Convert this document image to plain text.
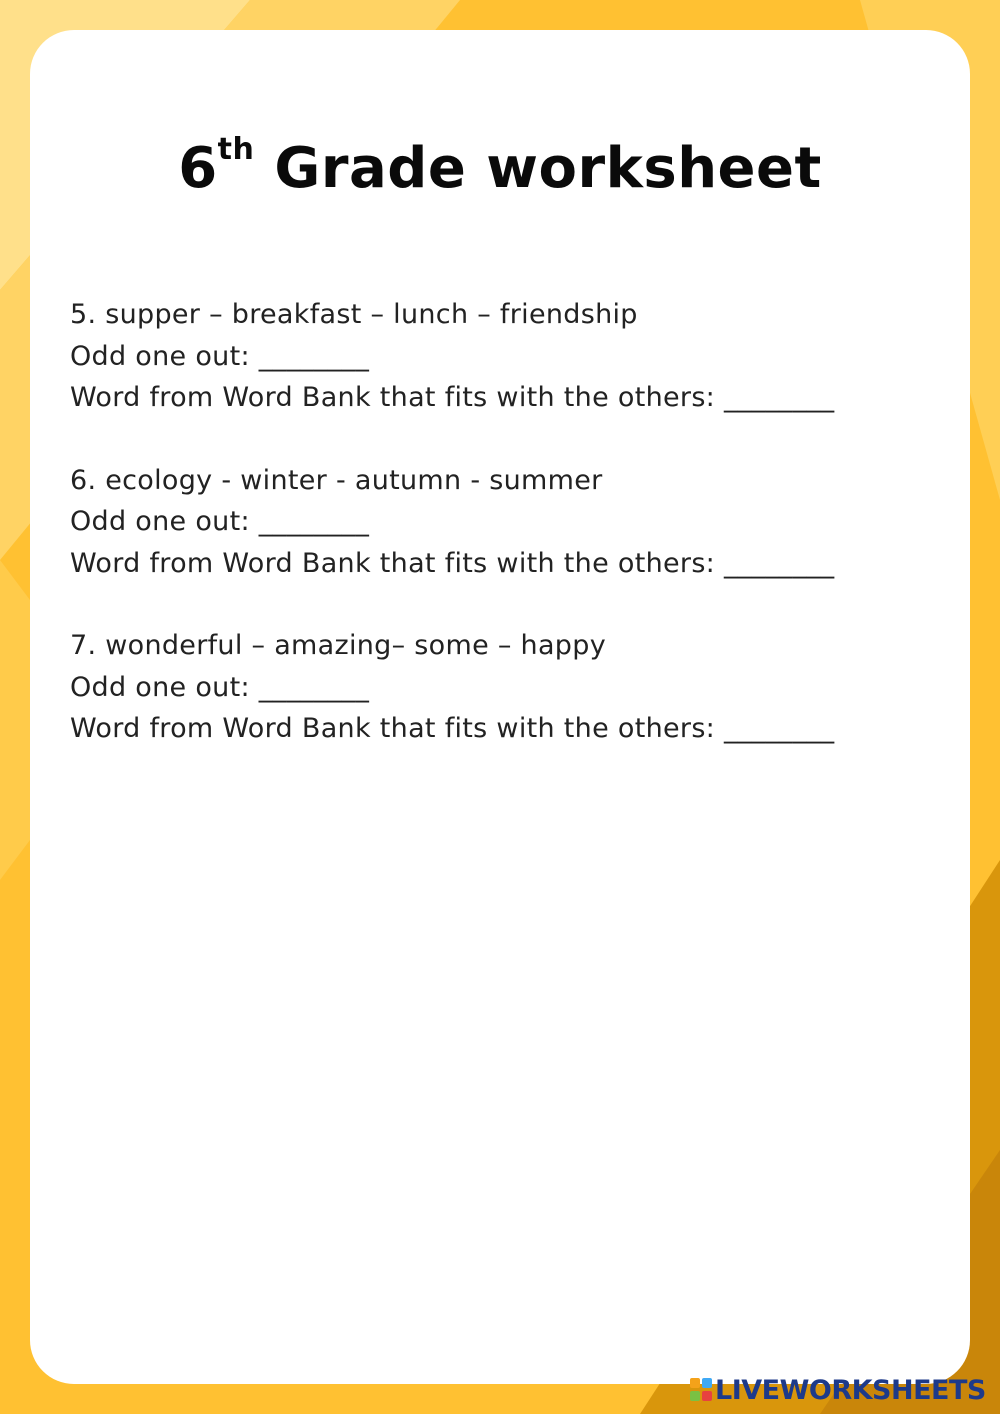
6th Grade worksheet
5. supper – breakfast – lunch – friendship
Odd one out: ________
Word from Word Bank that fits with the others: ________
6. ecology - winter - autumn - summer
Odd one out: ________
Word from Word Bank that fits with the others: ________
7. wonderful – amazing– some – happy
Odd one out: ________
Word from Word Bank that fits with the others: ________
LIVEWORKSHEETS
